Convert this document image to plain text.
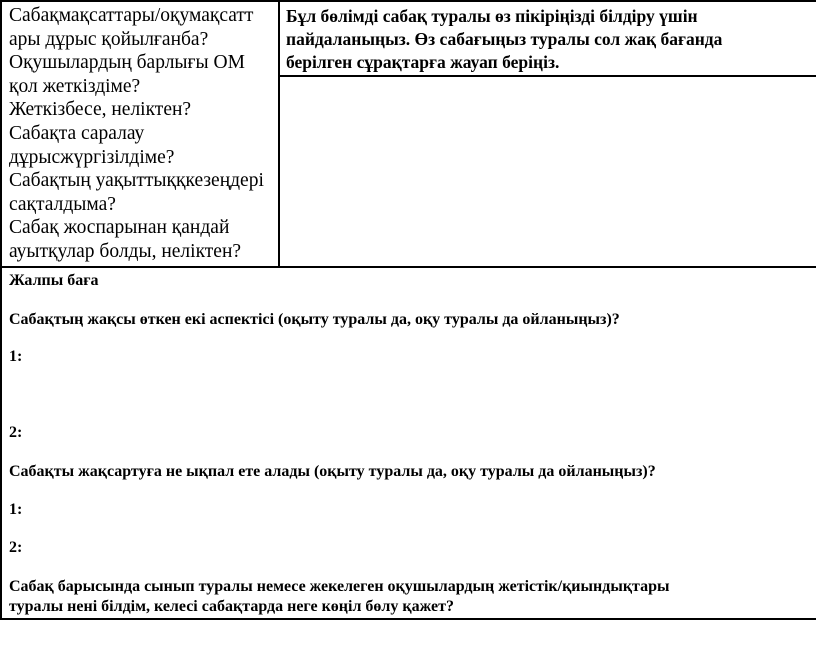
Сабақмақсаттары/оқумақсатт
ары дұрыс қойылғанба?
Оқушылардың барлығы ОМ
қол жеткіздіме?
Жеткізбесе, неліктен?
Сабақта саралау
дұрысжүргізілдіме?
Сабақтың уақыттыққкезеңдері
сақталдыма?
Сабақ жоспарынан қандай
ауытқулар болды, неліктен?
Бұл бөлімді сабақ туралы өз пікіріңізді білдіру үшін
пайдаланыңыз. Өз сабағыңыз туралы сол жақ бағанда
берілген сұрақтарға жауап беріңіз.
Жалпы баға
Сабақтың жақсы өткен екі аспектісі (оқыту туралы да, оқу туралы да ойланыңыз)?
1:
2:
Сабақты жақсартуға не ықпал ете алады (оқыту туралы да, оқу туралы да ойланыңыз)?
1:
2:
Сабақ барысында сынып туралы немесе жекелеген оқушылардың жетістік/қиындықтары
туралы нені білдім, келесі сабақтарда неге көңіл бөлу қажет?
